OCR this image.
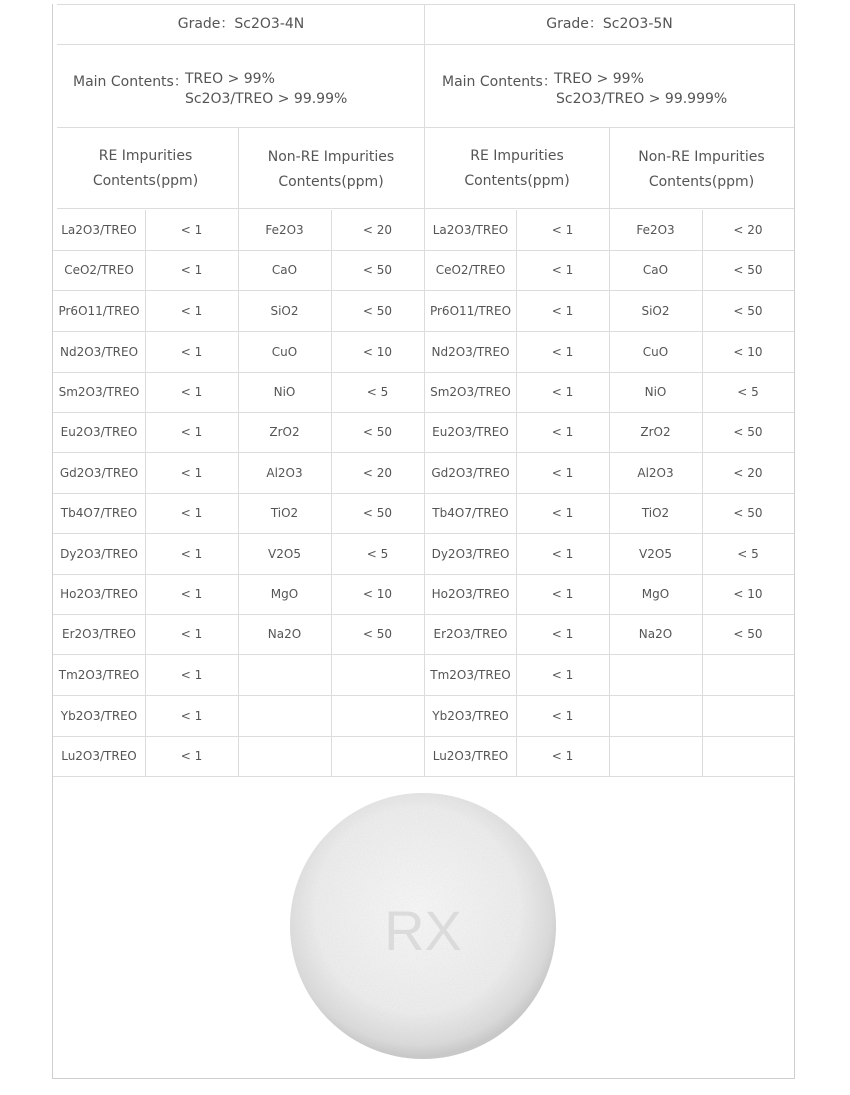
Grade：Sc2O3-4N
Main Contents：
TREO > 99%
Sc2O3/TREO > 99.99%
RE Impurities
Contents(ppm)
Non-RE Impurities
Contents(ppm)
La2O3/TREO	< 1	Fe2O3	< 20
CeO2/TREO	< 1	CaO	< 50
Pr6O11/TREO	< 1	SiO2	< 50
Nd2O3/TREO	< 1	CuO	< 10
Sm2O3/TREO	< 1	NiO	< 5
Eu2O3/TREO	< 1	ZrO2	< 50
Gd2O3/TREO	< 1	Al2O3	< 20
Tb4O7/TREO	< 1	TiO2	< 50
Dy2O3/TREO	< 1	V2O5	< 5
Ho2O3/TREO	< 1	MgO	< 10
Er2O3/TREO	< 1	Na2O	< 50
Tm2O3/TREO	< 1
Yb2O3/TREO	< 1
Lu2O3/TREO	< 1
Grade：Sc2O3-5N
Main Contents：
TREO > 99%
Sc2O3/TREO > 99.999%
RE Impurities
Contents(ppm)
Non-RE Impurities
Contents(ppm)
La2O3/TREO	< 1	Fe2O3	< 20
CeO2/TREO	< 1	CaO	< 50
Pr6O11/TREO	< 1	SiO2	< 50
Nd2O3/TREO	< 1	CuO	< 10
Sm2O3/TREO	< 1	NiO	< 5
Eu2O3/TREO	< 1	ZrO2	< 50
Gd2O3/TREO	< 1	Al2O3	< 20
Tb4O7/TREO	< 1	TiO2	< 50
Dy2O3/TREO	< 1	V2O5	< 5
Ho2O3/TREO	< 1	MgO	< 10
Er2O3/TREO	< 1	Na2O	< 50
Tm2O3/TREO	< 1
Yb2O3/TREO	< 1
Lu2O3/TREO	< 1
RX
